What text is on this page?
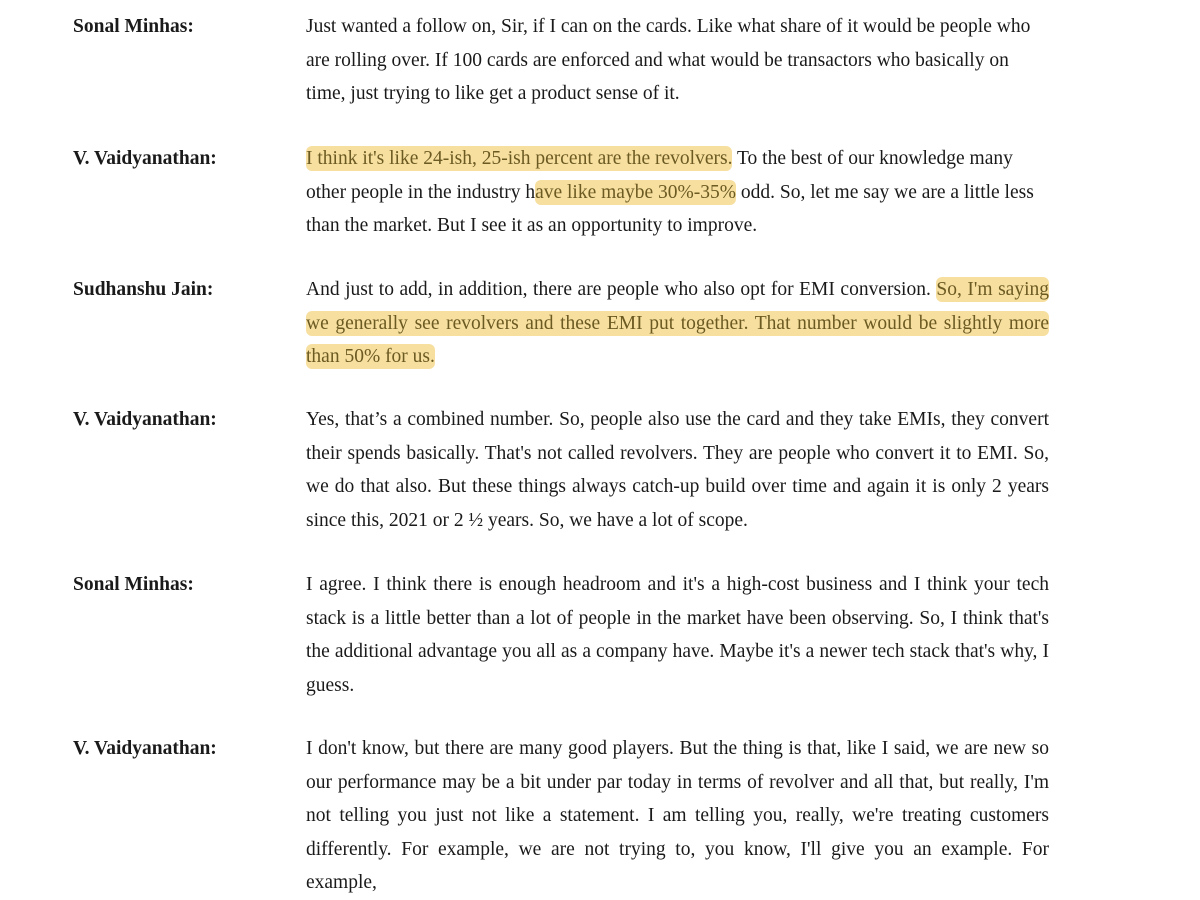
Sonal Minhas:	Just wanted a follow on, Sir, if I can on the cards. Like what share of it would be people who are rolling over. If 100 cards are enforced and what would be transactors who basically on time, just trying to like get a product sense of it.
V. Vaidyanathan:	I think it's like 24-ish, 25-ish percent are the revolvers. To the best of our knowledge many other people in the industry have like maybe 30%-35% odd. So, let me say we are a little less than the market. But I see it as an opportunity to improve.
Sudhanshu Jain:	And just to add, in addition, there are people who also opt for EMI conversion. So, I'm saying we generally see revolvers and these EMI put together. That number would be slightly more than 50% for us.
V. Vaidyanathan:	Yes, that’s a combined number. So, people also use the card and they take EMIs, they convert their spends basically. That's not called revolvers. They are people who convert it to EMI. So, we do that also. But these things always catch-up build over time and again it is only 2 years since this, 2021 or 2 ½ years. So, we have a lot of scope.
Sonal Minhas:	I agree. I think there is enough headroom and it's a high-cost business and I think your tech stack is a little better than a lot of people in the market have been observing. So, I think that's the additional advantage you all as a company have. Maybe it's a newer tech stack that's why, I guess.
V. Vaidyanathan:	I don't know, but there are many good players. But the thing is that, like I said, we are new so our performance may be a bit under par today in terms of revolver and all that, but really, I'm not telling you just not like a statement. I am telling you, really, we're treating customers differently. For example, we are not trying to, you know, I'll give you an example. For example,
